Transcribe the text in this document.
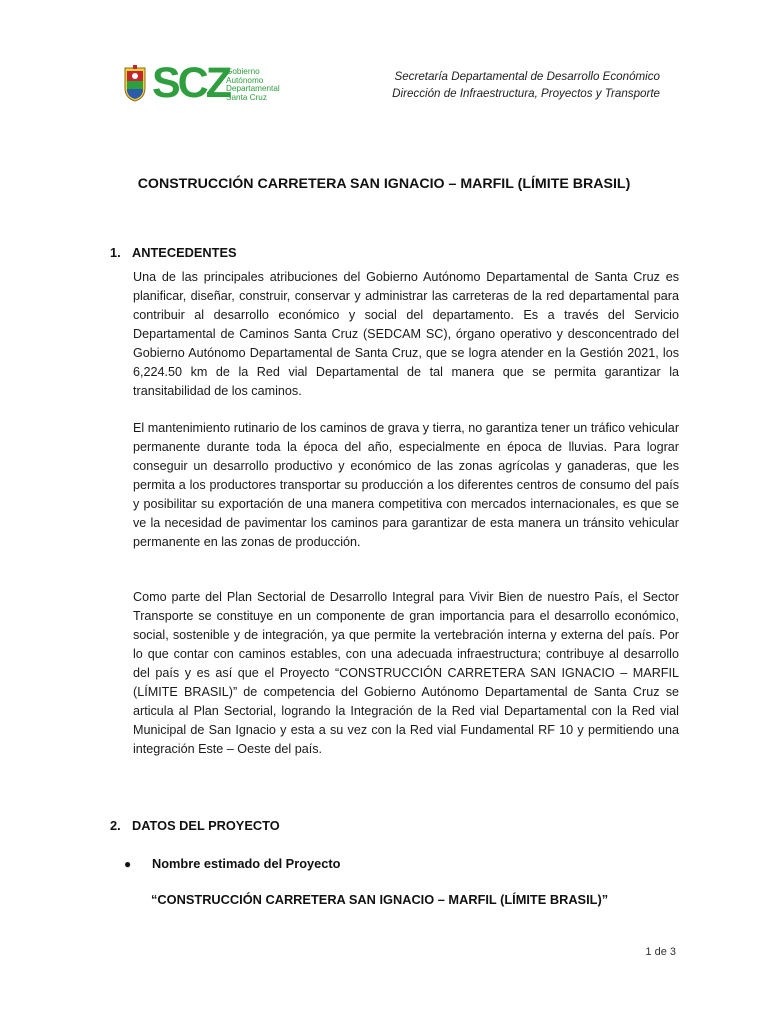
SCZ
Gobierno
Autónomo
Departamental
Santa Cruz
Secretaría Departamental de Desarrollo Económico
Dirección de Infraestructura, Proyectos y Transporte
CONSTRUCCIÓN CARRETERA SAN IGNACIO – MARFIL (LÍMITE BRASIL)
1. ANTECEDENTES

Una de las principales atribuciones del Gobierno Autónomo Departamental de Santa Cruz es planificar, diseñar, construir, conservar y administrar las carreteras de la red departamental para contribuir al desarrollo económico y social del departamento. Es a través del Servicio Departamental de Caminos Santa Cruz (SEDCAM SC), órgano operativo y desconcentrado del Gobierno Autónomo Departamental de Santa Cruz, que se logra atender en la Gestión 2021, los 6,224.50 km de la Red vial Departamental de tal manera que se permita garantizar la transitabilidad de los caminos.

El mantenimiento rutinario de los caminos de grava y tierra, no garantiza tener un tráfico vehicular permanente durante toda la época del año, especialmente en época de lluvias. Para lograr conseguir un desarrollo productivo y económico de las zonas agrícolas y ganaderas, que les permita a los productores transportar su producción a los diferentes centros de consumo del país y posibilitar su exportación de una manera competitiva con mercados internacionales, es que se ve la necesidad de pavimentar los caminos para garantizar de esta manera un tránsito vehicular permanente en las zonas de producción.

Como parte del Plan Sectorial de Desarrollo Integral para Vivir Bien de nuestro País, el Sector Transporte se constituye en un componente de gran importancia para el desarrollo económico, social, sostenible y de integración, ya que permite la vertebración interna y externa del país. Por lo que contar con caminos estables, con una adecuada infraestructura; contribuye al desarrollo del país y es así que el Proyecto “CONSTRUCCIÓN CARRETERA SAN IGNACIO – MARFIL (LÍMITE BRASIL)” de competencia del Gobierno Autónomo Departamental de Santa Cruz se articula al Plan Sectorial, logrando la Integración de la Red vial Departamental con la Red vial Municipal de San Ignacio y esta a su vez con la Red vial Fundamental RF 10 y permitiendo una integración Este – Oeste del país.

2. DATOS DEL PROYECTO
● Nombre estimado del Proyecto
“CONSTRUCCIÓN CARRETERA SAN IGNACIO – MARFIL (LÍMITE BRASIL)”
1 de 3
